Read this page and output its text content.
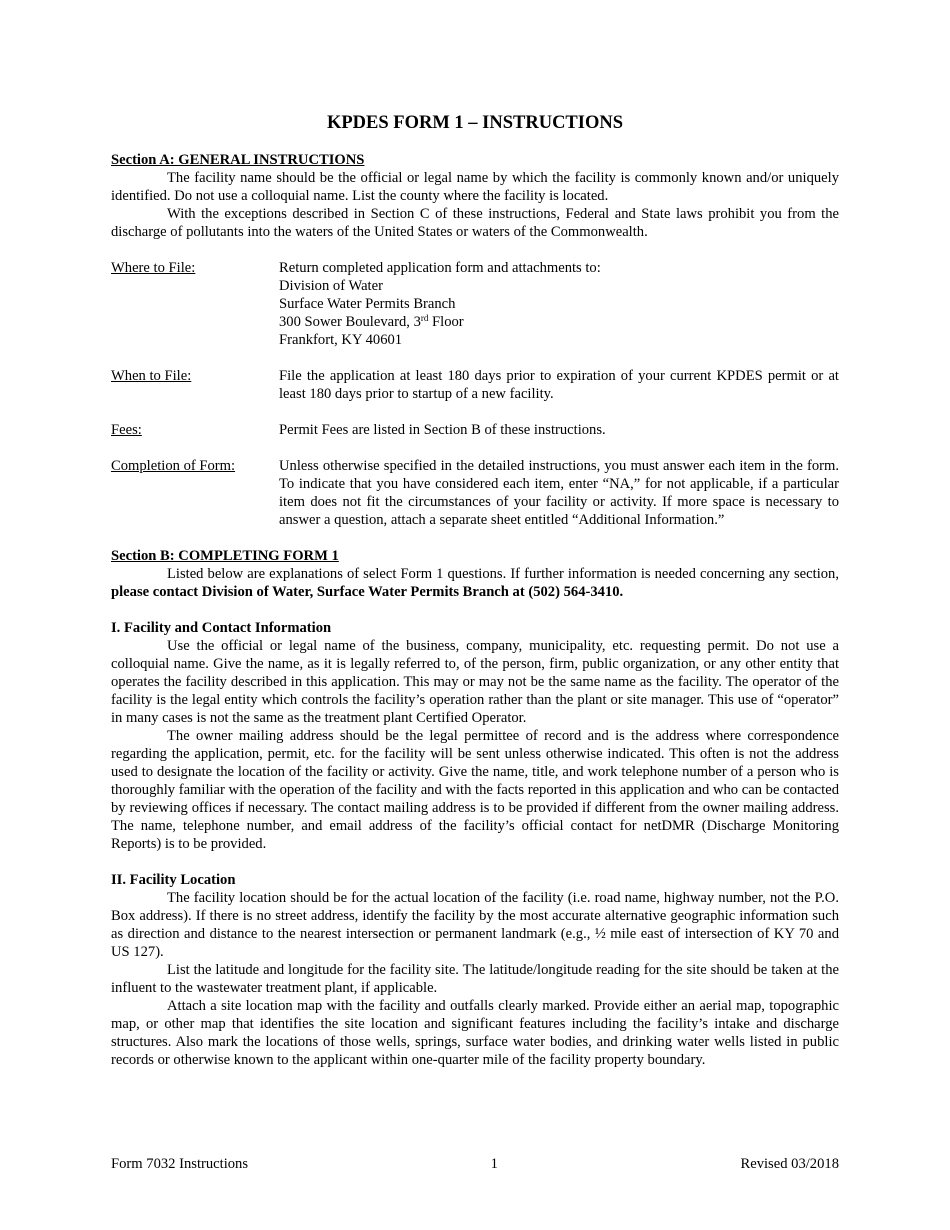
KPDES FORM 1 – INSTRUCTIONS
Section A: GENERAL INSTRUCTIONS

The facility name should be the official or legal name by which the facility is commonly known and/or uniquely identified. Do not use a colloquial name. List the county where the facility is located.

With the exceptions described in Section C of these instructions, Federal and State laws prohibit you from the discharge of pollutants into the waters of the United States or waters of the Commonwealth.

Where to File:	Return completed application form and attachments to:
Division of Water
Surface Water Permits Branch
300 Sower Boulevard, 3rd Floor
Frankfort, KY 40601
When to File:	File the application at least 180 days prior to expiration of your current KPDES permit or at least 180 days prior to startup of a new facility.
Fees:	Permit Fees are listed in Section B of these instructions.
Completion of Form:	Unless otherwise specified in the detailed instructions, you must answer each item in the form. To indicate that you have considered each item, enter “NA,” for not applicable, if a particular item does not fit the circumstances of your facility or activity. If more space is necessary to answer a question, attach a separate sheet entitled “Additional Information.”
Section B: COMPLETING FORM 1

Listed below are explanations of select Form 1 questions. If further information is needed concerning any section, please contact Division of Water, Surface Water Permits Branch at (502) 564-3410.

I. Facility and Contact Information

Use the official or legal name of the business, company, municipality, etc. requesting permit. Do not use a colloquial name. Give the name, as it is legally referred to, of the person, firm, public organization, or any other entity that operates the facility described in this application. This may or may not be the same name as the facility. The operator of the facility is the legal entity which controls the facility’s operation rather than the plant or site manager. This use of “operator” in many cases is not the same as the treatment plant Certified Operator.

The owner mailing address should be the legal permittee of record and is the address where correspondence regarding the application, permit, etc. for the facility will be sent unless otherwise indicated. This often is not the address used to designate the location of the facility or activity. Give the name, title, and work telephone number of a person who is thoroughly familiar with the operation of the facility and with the facts reported in this application and who can be contacted by reviewing offices if necessary. The contact mailing address is to be provided if different from the owner mailing address. The name, telephone number, and email address of the facility’s official contact for netDMR (Discharge Monitoring Reports) is to be provided.

II. Facility Location

The facility location should be for the actual location of the facility (i.e. road name, highway number, not the P.O. Box address). If there is no street address, identify the facility by the most accurate alternative geographic information such as direction and distance to the nearest intersection or permanent landmark (e.g., ½ mile east of intersection of KY 70 and US 127).

List the latitude and longitude for the facility site. The latitude/longitude reading for the site should be taken at the influent to the wastewater treatment plant, if applicable.

Attach a site location map with the facility and outfalls clearly marked. Provide either an aerial map, topographic map, or other map that identifies the site location and significant features including the facility’s intake and discharge structures. Also mark the locations of those wells, springs, surface water bodies, and drinking water wells listed in public records or otherwise known to the applicant within one-quarter mile of the facility property boundary.

Form 7032 Instructions	1	Revised 03/2018
